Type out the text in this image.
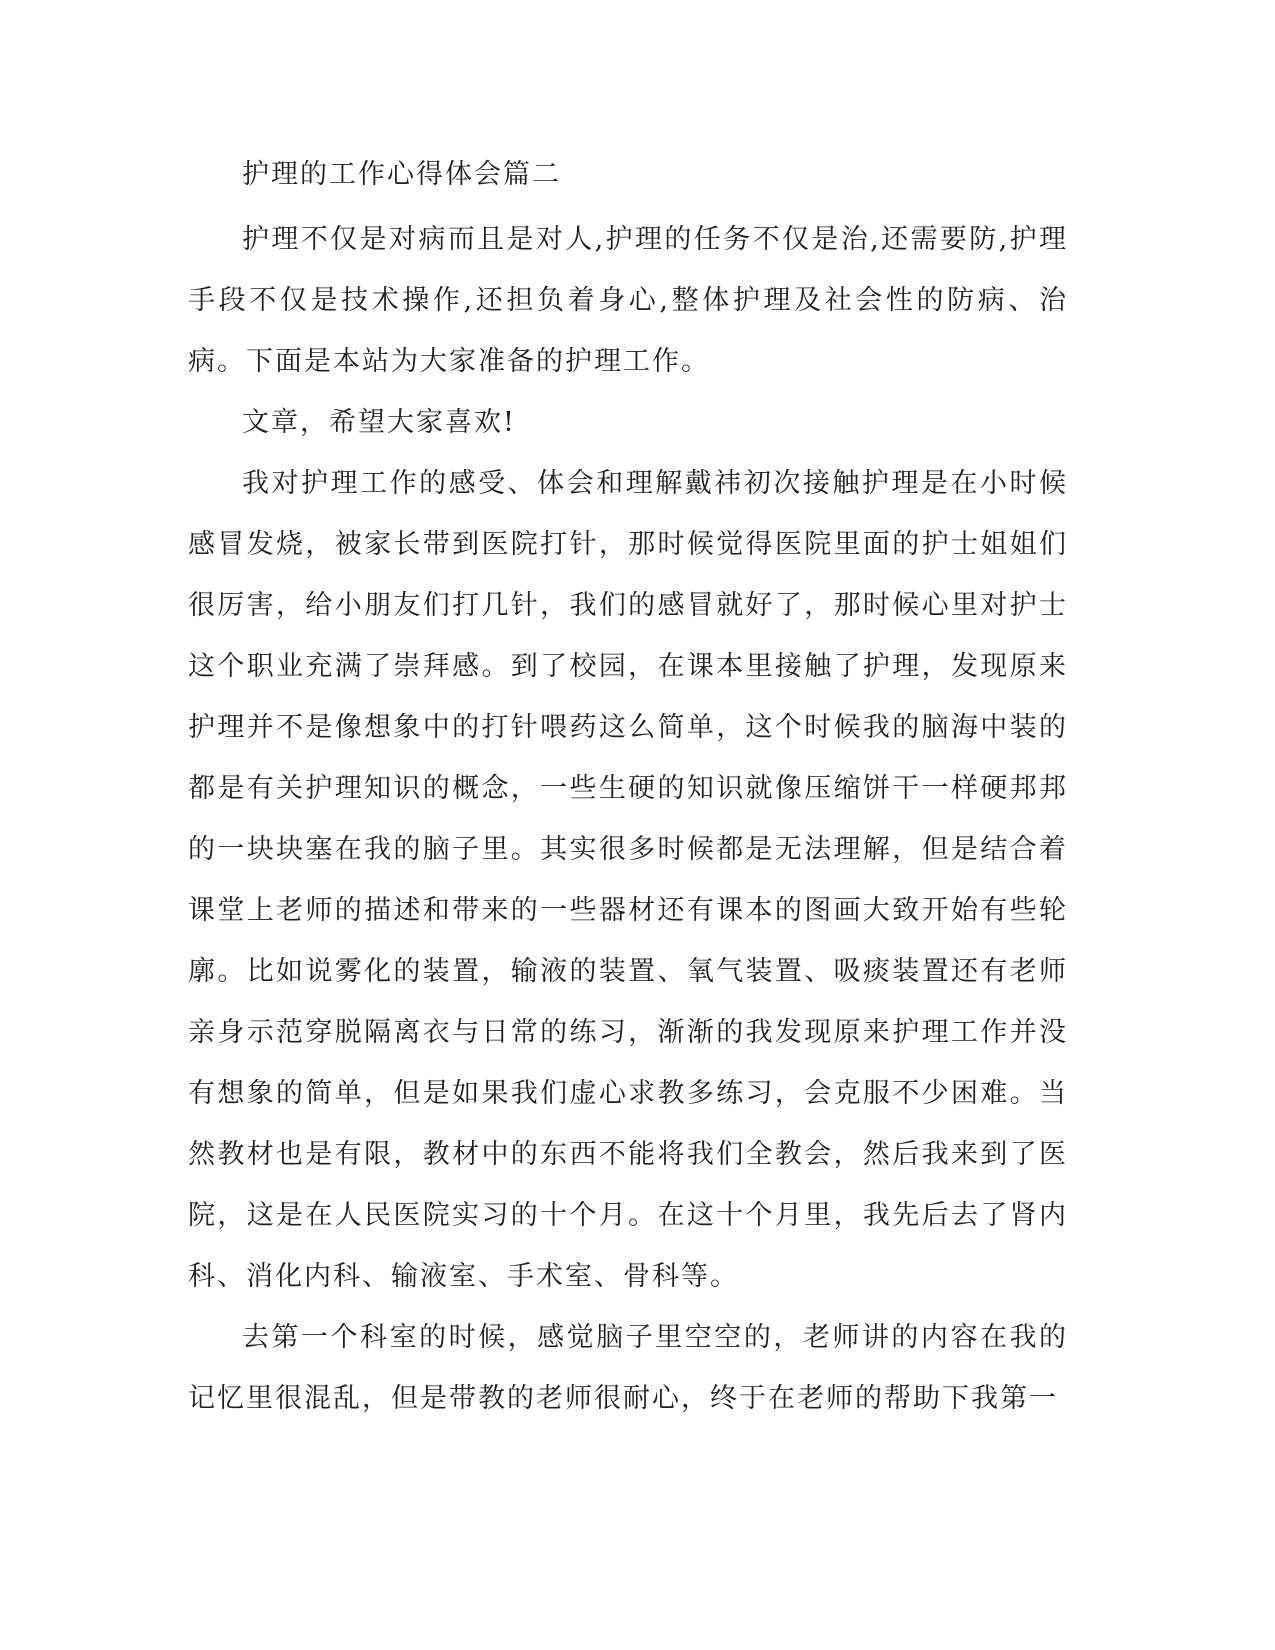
护理的工作心得体会篇二

护理不仅是对病而且是对人,护理的任务不仅是治,还需要防,护理手段不仅是技术操作,还担负着身心,整体护理及社会性的防病、治病。下面是本站为大家准备的护理工作。

文章，希望大家喜欢!

我对护理工作的感受、体会和理解戴祎初次接触护理是在小时候感冒发烧，被家长带到医院打针，那时候觉得医院里面的护士姐姐们很厉害，给小朋友们打几针，我们的感冒就好了，那时候心里对护士这个职业充满了崇拜感。到了校园，在课本里接触了护理，发现原来护理并不是像想象中的打针喂药这么简单，这个时候我的脑海中装的都是有关护理知识的概念，一些生硬的知识就像压缩饼干一样硬邦邦的一块块塞在我的脑子里。其实很多时候都是无法理解，但是结合着课堂上老师的描述和带来的一些器材还有课本的图画大致开始有些轮廓。比如说雾化的装置，输液的装置、氧气装置、吸痰装置还有老师亲身示范穿脱隔离衣与日常的练习，渐渐的我发现原来护理工作并没有想象的简单，但是如果我们虚心求教多练习，会克服不少困难。当然教材也是有限，教材中的东西不能将我们全教会，然后我来到了医院，这是在人民医院实习的十个月。在这十个月里，我先后去了肾内科、消化内科、输液室、手术室、骨科等。

去第一个科室的时候，感觉脑子里空空的，老师讲的内容在我的记忆里很混乱，但是带教的老师很耐心，终于在老师的帮助下我第一
